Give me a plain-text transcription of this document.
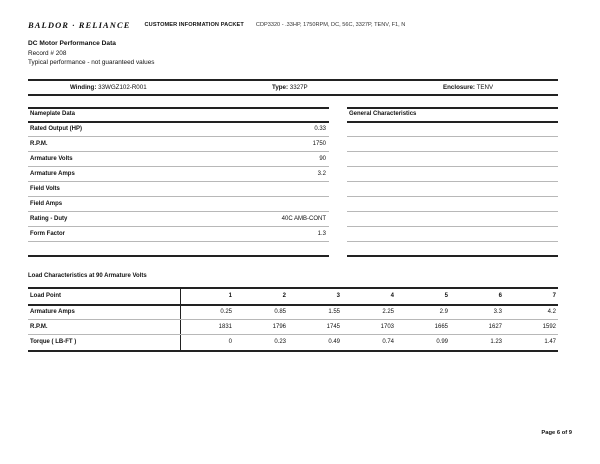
BALDOR · RELIANCE	CUSTOMER INFORMATION PACKET CDP3320 - .33HP, 1750RPM, DC, 56C, 3327P, TENV, F1, N
DC Motor Performance Data
Record # 208
Typical performance - not guaranteed values
Winding: 33WGZ102-R001	Type: 3327P	Enclosure: TENV
Nameplate Data
Rated Output (HP)	0.33
R.P.M.	1750
Armature Volts	90
Armature Amps	3.2
Field Volts
Field Amps
Rating - Duty	40C AMB-CONT
Form Factor	1.3
General Characteristics
Load Characteristics at 90 Armature Volts
Load Point	1	2	3	4	5	6	7
Armature Amps	0.25	0.85	1.55	2.25	2.9	3.3	4.2
R.P.M.	1831	1796	1745	1703	1665	1627	1592
Torque ( LB-FT )	0	0.23	0.49	0.74	0.99	1.23	1.47
Page 6 of 9
